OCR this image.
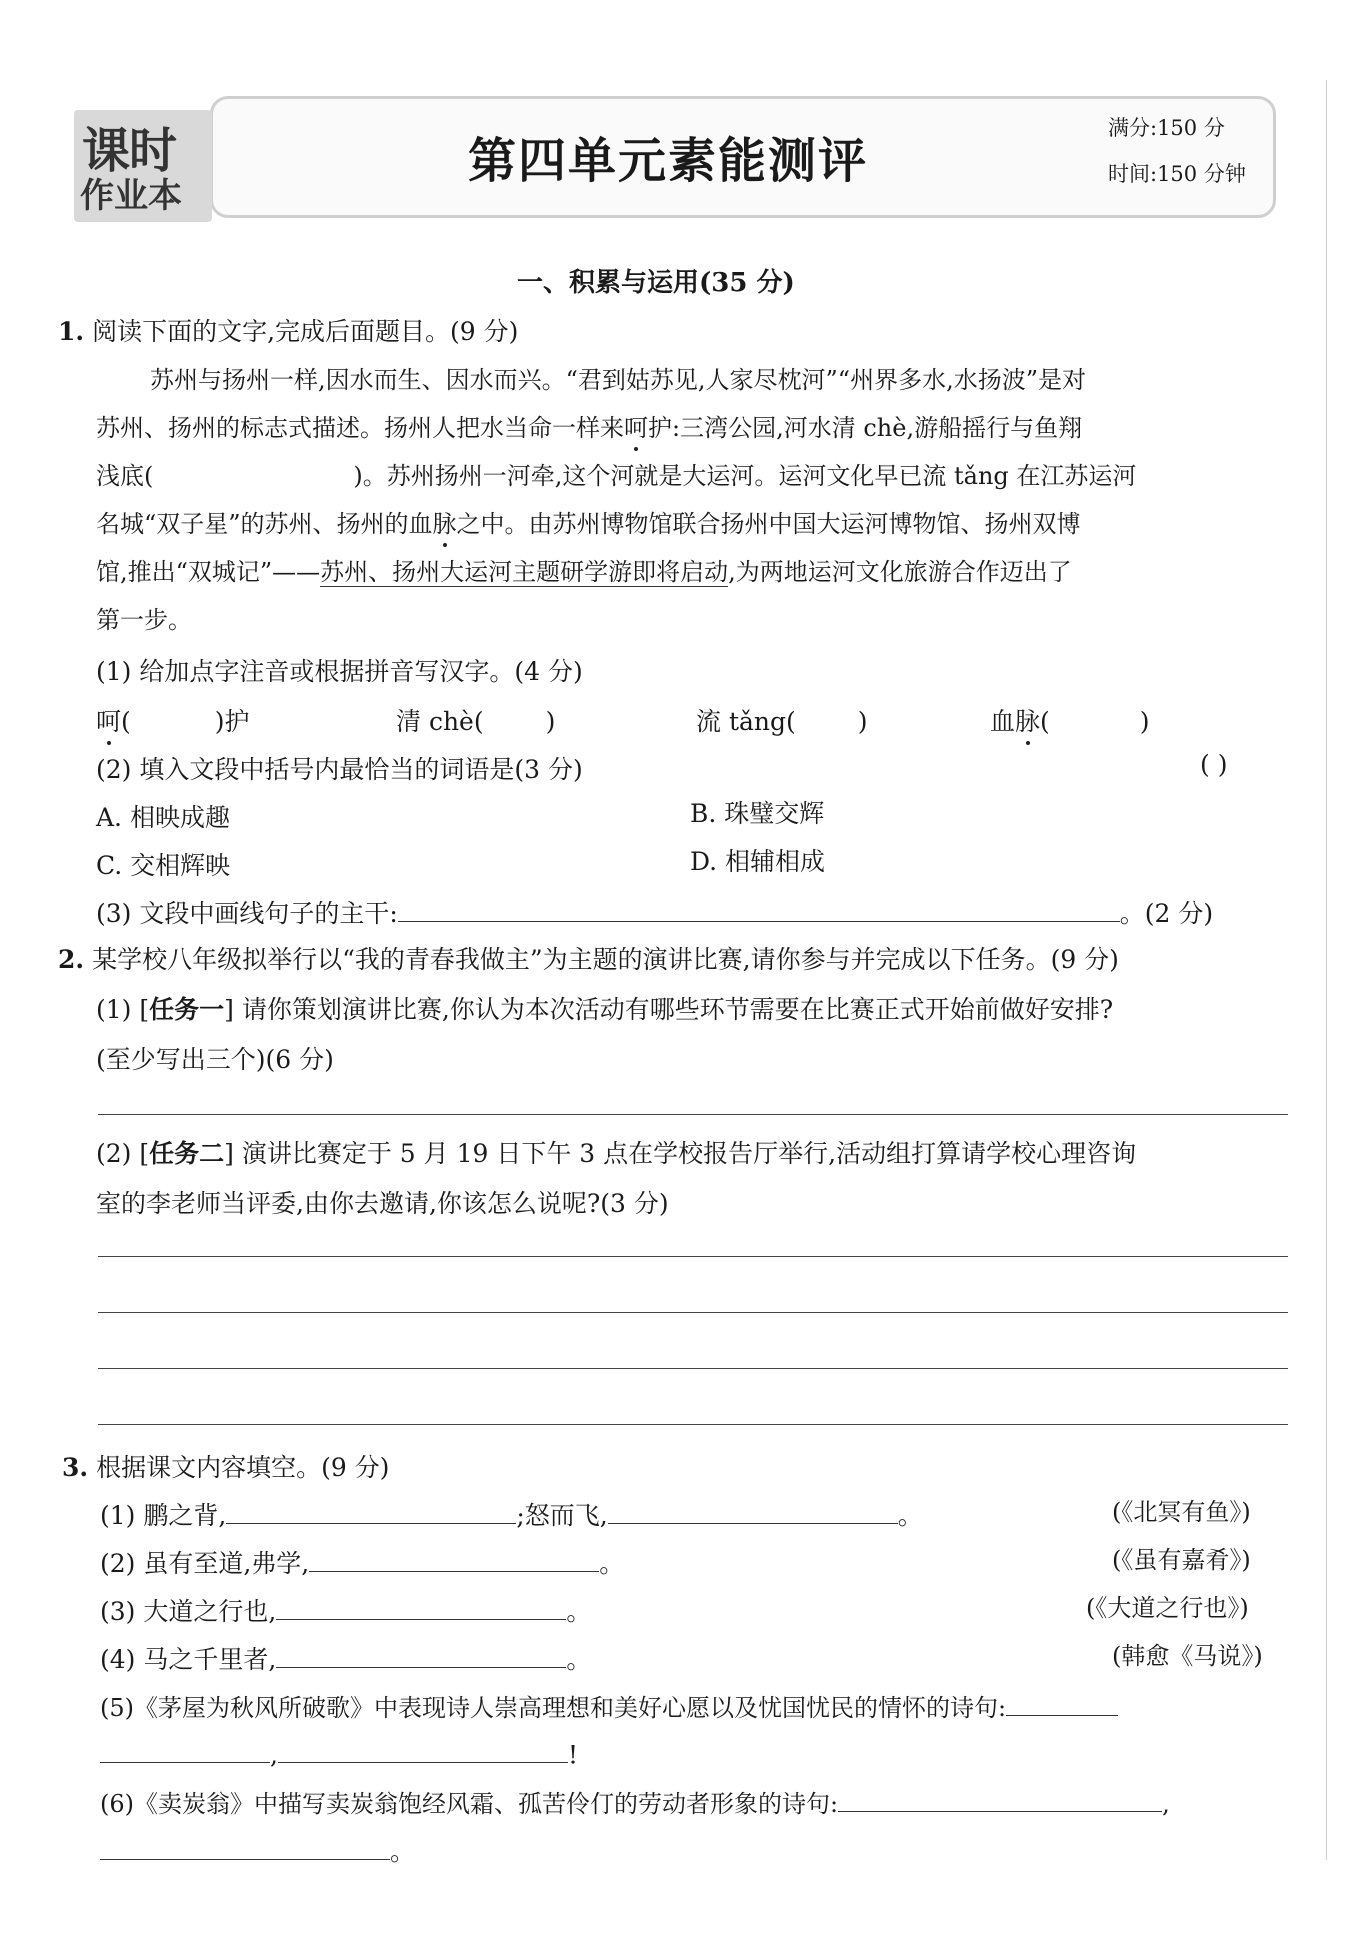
课时
作业本
第四单元素能测评
满分:150 分
时间:150 分钟
一、积累与运用(35 分)
1. 阅读下面的文字,完成后面题目。(9 分)
苏州与扬州一样,因水而生、因水而兴。“君到姑苏见,人家尽枕河”“州界多水,水扬波”是对
苏州、扬州的标志式描述。扬州人把水当命一样来呵护:三湾公园,河水清 chè,游船摇行与鱼翔
浅底(	)。苏州扬州一河牵,这个河就是大运河。运河文化早已流 tǎng 在江苏运河
名城“双子星”的苏州、扬州的血脉之中。由苏州博物馆联合扬州中国大运河博物馆、扬州双博
馆,推出“双城记”——苏州、扬州大运河主题研学游即将启动,为两地运河文化旅游合作迈出了
第一步。
(1) 给加点字注音或根据拼音写汉字。(4 分)
呵(	)护	清 chè( )	流 tǎng( )	血脉(	)
(2) 填入文段中括号内最恰当的词语是(3 分)	( )
A. 相映成趣	B. 珠璧交辉
C. 交相辉映	D. 相辅相成
(3) 文段中画线句子的主干:	。(2 分)
2. 某学校八年级拟举行以“我的青春我做主”为主题的演讲比赛,请你参与并完成以下任务。(9 分)
(1) [任务一] 请你策划演讲比赛,你认为本次活动有哪些环节需要在比赛正式开始前做好安排?
(至少写出三个)(6 分)
(2) [任务二] 演讲比赛定于 5 月 19 日下午 3 点在学校报告厅举行,活动组打算请学校心理咨询
室的李老师当评委,由你去邀请,你该怎么说呢?(3 分)
3. 根据课文内容填空。(9 分)
(1) 鹏之背,	;怒而飞,	。	(《北冥有鱼》)
(2) 虽有至道,弗学,	。	(《虽有嘉肴》)
(3) 大道之行也,	。	(《大道之行也》)
(4) 马之千里者,	。	(韩愈《马说》)
(5)《茅屋为秋风所破歌》中表现诗人崇高理想和美好心愿以及忧国忧民的情怀的诗句:
,	!
(6)《卖炭翁》中描写卖炭翁饱经风霜、孤苦伶仃的劳动者形象的诗句:	,
。
